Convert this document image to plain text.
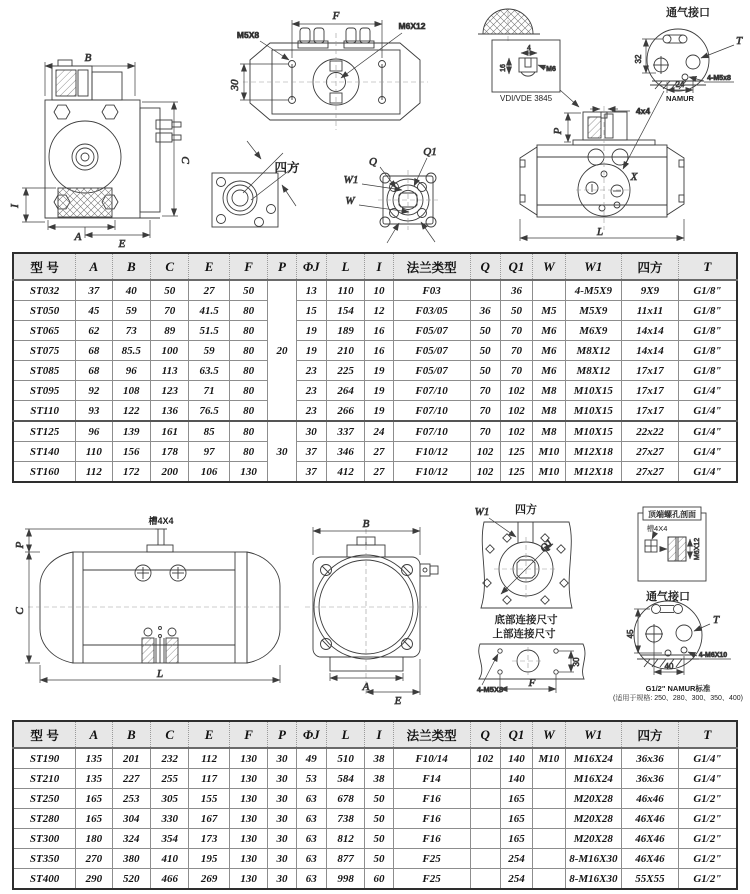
B
C
I
A
E
F
M5X8
M6X12
30
四方
Q1
Q
W1
W
4
M6
16
VDI/VDE 3845
通气接口
T
4-M5x8
32
24
NAMUR
4x4
P
X
L
型 号	A	B	C	E	F	P	ΦJ	L	I	法兰类型	Q	Q1	W	W1	四方	T
ST032	37	40	50	27	50	20	13	110	10	F03		36		4-M5X9	9X9	G1/8"
ST050	45	59	70	41.5	80		15	154	12	F03/05	36	50	M5	M5X9	11x11	G1/8"
ST065	62	73	89	51.5	80		19	189	16	F05/07	50	70	M6	M6X9	14x14	G1/8"
ST075	68	85.5	100	59	80		19	210	16	F05/07	50	70	M6	M8X12	14x14	G1/8"
ST085	68	96	113	63.5	80		23	225	19	F05/07	50	70	M6	M8X12	17x17	G1/8"
ST095	92	108	123	71	80		23	264	19	F07/10	70	102	M8	M10X15	17x17	G1/4"
ST110	93	122	136	76.5	80		23	266	19	F07/10	70	102	M8	M10X15	17x17	G1/4"
ST125	96	139	161	85	80	30	30	337	24	F07/10	70	102	M8	M10X15	22x22	G1/4"
ST140	110	156	178	97	80		37	346	27	F10/12	102	125	M10	M12X18	27x27	G1/4"
ST160	112	172	200	106	130		37	412	27	F10/12	102	125	M10	M12X18	27x27	G1/4"
槽4X4
P
C
L
B
A
E
Q1
W1 四方
底部连接尺寸
上部连接尺寸
4-M5X8
F
30
顶端螺孔剖面
槽4X4
M6X12
通气接口
45
T
4-M6X10
40
G1/2" NAMUR标准
(适用于规格: 250、280、300、350、400)
型 号	A	B	C	E	F	P	ΦJ	L	I	法兰类型	Q	Q1	W	W1	四方	T
ST190	135	201	232	112	130	30	49	510	38	F10/14	102	140	M10	M16X24	36x36	G1/4"
ST210	135	227	255	117	130	30	53	584	38	F14		140		M16X24	36x36	G1/4"
ST250	165	253	305	155	130	30	63	678	50	F16		165		M20X28	46x46	G1/2"
ST280	165	304	330	167	130	30	63	738	50	F16		165		M20X28	46X46	G1/2"
ST300	180	324	354	173	130	30	63	812	50	F16		165		M20X28	46X46	G1/2"
ST350	270	380	410	195	130	30	63	877	50	F25		254		8-M16X30	46X46	G1/2"
ST400	290	520	466	269	130	30	63	998	60	F25		254		8-M16X30	55X55	G1/2"
